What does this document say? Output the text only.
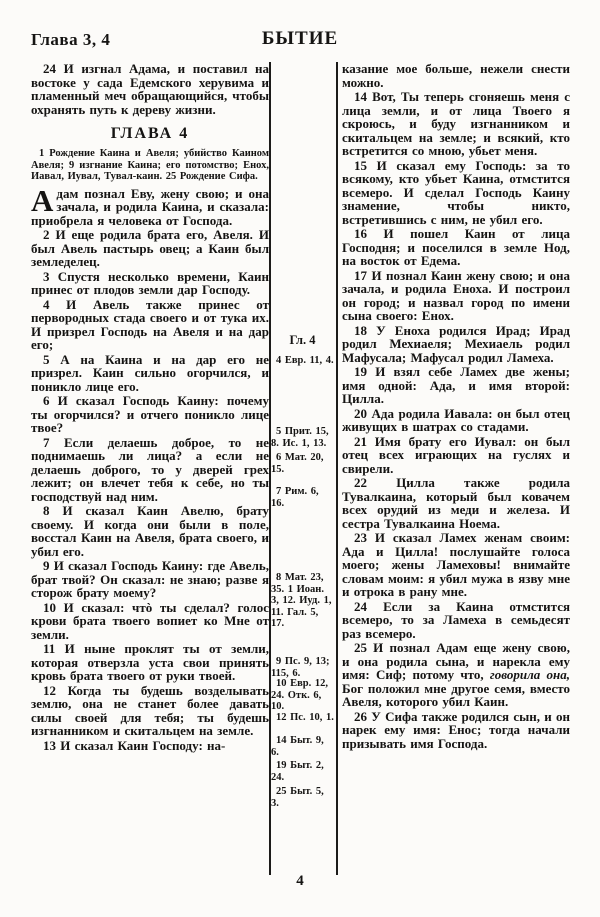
Глава 3, 4	БЫТИЕ

24 И изгнал Адама, и поставил на востоке у сада Едемского херувима и пламенный меч обращающийся, чтобы охранять путь к дереву жизни.

ГЛАВА 4

1 Рождение Каина и Авеля; убийство Каином Авеля; 9 изгнание Каина; его потомство; Енох, Иавал, Иувал, Тувал-каин. 25 Рождение Сифа.

Адам познал Еву, жену свою; и она зачала, и родила Каина, и сказала: приобрела я человека от Господа.

2 И еще родила брата его, Авеля. И был Авель пастырь овец; а Каин был земледелец.

3 Спустя несколько времени, Каин принес от плодов земли дар Господу.

4 И Авель также принес от первородных стада своего и от тука их. И призрел Господь на Авеля и на дар его;

5 А на Каина и на дар его не призрел. Каин сильно огорчился, и поникло лице его.

6 И сказал Господь Каину: почему ты огорчился? и отчего поникло лице твое?

7 Если делаешь доброе, то не поднимаешь ли лица? а если не делаешь доброго, то у дверей грех лежит; он влечет тебя к себе, но ты господствуй над ним.

8 И сказал Каин Авелю, брату своему. И когда они были в поле, восстал Каин на Авеля, брата своего, и убил его.

9 И сказал Господь Каину: где Авель, брат твой? Он сказал: не знаю; разве я сторож брату моему?

10 И сказал: чтò ты сделал? голос крови брата твоего вопиет ко Мне от земли.

11 И ныне проклят ты от земли, которая отверзла уста свои принять кровь брата твоего от руки твоей.

12 Когда ты будешь возделывать землю, она не станет более давать силы своей для тебя; ты будешь изгнанником и скитальцем на земле.

13 И сказал Каин Господу: на-

Гл. 4
4 Евр. 11, 4.
5 Прит. 15, 8. Ис. 1, 13.
6 Мат. 20, 15.
7 Рим. 6, 16.
8 Мат. 23, 35. 1 Иоан. 3, 12. Иуд. 1, 11. Гал. 5, 17.
9 Пс. 9, 13; 115, 6.
10 Евр. 12, 24. Отк. 6, 10.
12 Пс. 10, 1.
14 Быт. 9, 6.
19 Быт. 2, 24.
25 Быт. 5, 3.

казание мое больше, нежели снести можно.

14 Вот, Ты теперь сгоняешь меня с лица земли, и от лица Твоего я скроюсь, и буду изгнанником и скитальцем на земле; и всякий, кто встретится со мною, убьет меня.

15 И сказал ему Господь: за то всякому, кто убьет Каина, отмстится всемеро. И сделал Господь Каину знамение, чтобы никто, встретившись с ним, не убил его.

16 И пошел Каин от лица Господня; и поселился в земле Нод, на восток от Едема.

17 И познал Каин жену свою; и она зачала, и родила Еноха. И построил он город; и назвал город по имени сына своего: Енох.

18 У Еноха родился Ирад; Ирад родил Мехиаеля; Мехиаель родил Мафусала; Мафусал родил Ламеха.

19 И взял себе Ламех две жены; имя одной: Ада, и имя второй: Цилла.

20 Ада родила Иавала: он был отец живущих в шатрах со стадами.

21 Имя брату его Иувал: он был отец всех играющих на гуслях и свирели.

22 Цилла также родила Тувалкаина, который был ковачем всех орудий из меди и железа. И сестра Тувалкаина Ноема.

23 И сказал Ламех женам своим: Ада и Цилла! послушайте голоса моего; жены Ламеховы! внимайте словам моим: я убил мужа в язву мне и отрока в рану мне.

24 Если за Каина отмстится всемеро, то за Ламеха в семьдесят раз всемеро.

25 И познал Адам еще жену свою, и она родила сына, и нарекла ему имя: Сиф; потому что, говорила она, Бог положил мне другое семя, вместо Авеля, которого убил Каин.

26 У Сифа также родился сын, и он нарек ему имя: Енос; тогда начали призывать имя Господа.

4
